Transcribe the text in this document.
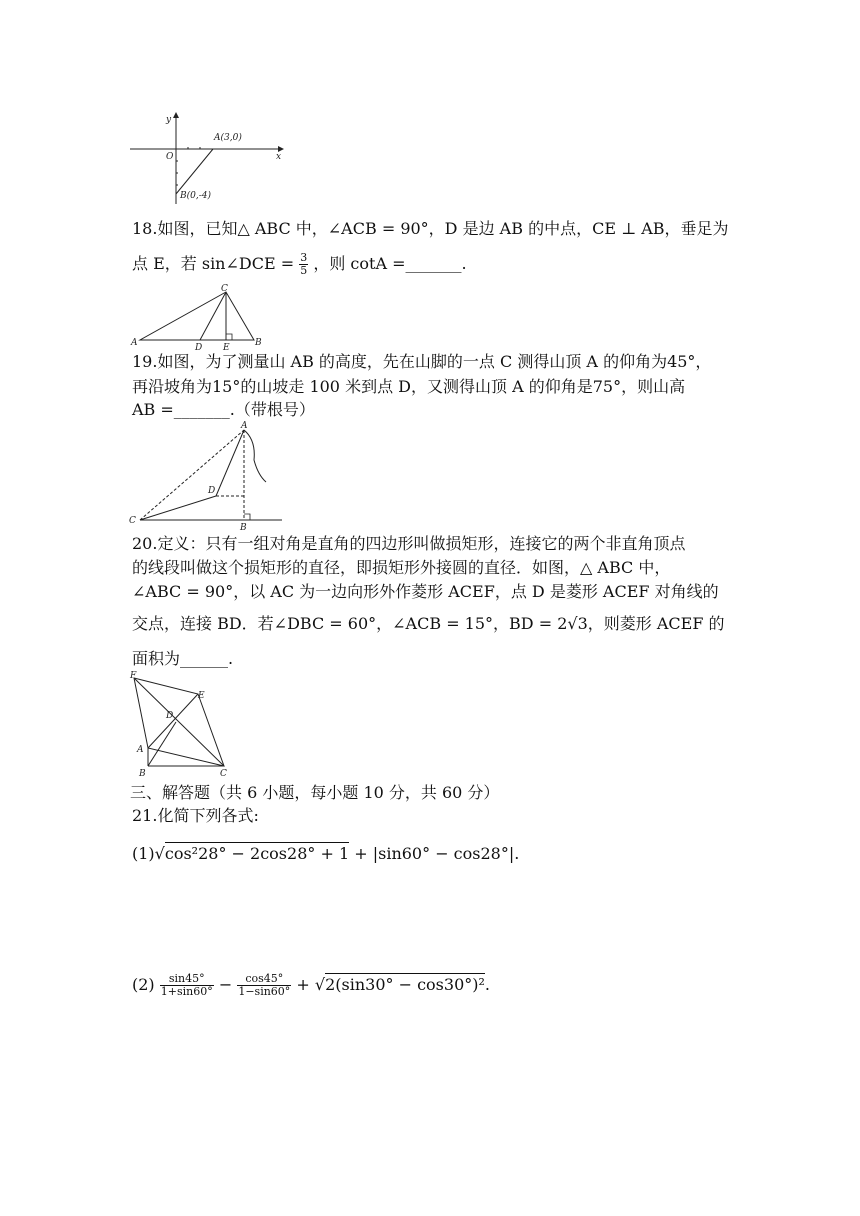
x
y
O
A(3,0)
B(0,-4)
18.如图，已知△ ABC 中，∠ACB = 90°，D 是边 AB 的中点，CE ⊥ AB，垂足为
点 E，若 sin∠DCE = $\frac{3}{5}$ ，则 cotA =_______.
A	B
C
D E
19.如图，为了测量山 AB 的高度，先在山脚的一点 C 测得山顶 A 的仰角为45°，
再沿坡角为15°的山坡走 100 米到点 D，又测得山顶 A 的仰角是75°，则山高
AB =_______.（带根号）
A
B
C
D
20.定义：只有一组对角是直角的四边形叫做损矩形，连接它的两个非直角顶点
的线段叫做这个损矩形的直径，即损矩形外接圆的直径．如图，△ ABC 中，
∠ABC = 90°，以 AC 为一边向形外作菱形 ACEF，点 D 是菱形 ACEF 对角线的
交点，连接 BD．若∠DBC = 60°，∠ACB = 15°，BD = 2√3，则菱形 ACEF 的
面积为______.
F
E
D
A
B	C
三、解答题（共 6 小题，每小题 10 分，共 60 分）
21.化简下列各式:
(1)√cos²28° − 2cos28° + 1 + |sin60° − cos28°|.
$(2) \frac{\sin 45^\circ}{1+\sin 60^\circ} - \frac{\cos 45^\circ}{1-\sin 60^\circ} + √2(\sin 30^\circ - \cos 30^\circ)^2$.
